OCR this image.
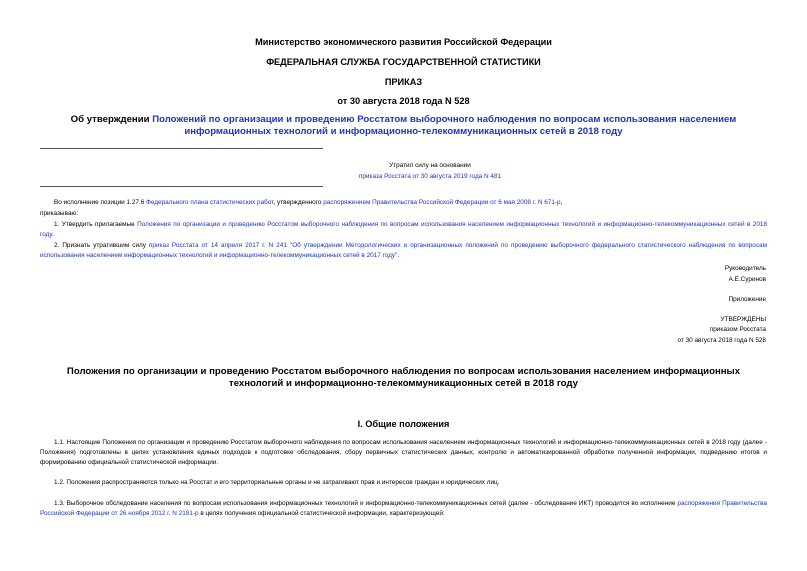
Министерство экономического развития Российской Федерации
ФЕДЕРАЛЬНАЯ СЛУЖБА ГОСУДАРСТВЕННОЙ СТАТИСТИКИ
ПРИКАЗ
от 30 августа 2018 года N 528
Об утверждении Положений по организации и проведению Росстатом выборочного наблюдения по вопросам использования населением информационных технологий и информационно-телекоммуникационных сетей в 2018 году
Утратил силу на основании
приказа Росстата от 30 августа 2019 года N 481
Во исполнение позиции 1.27.6 Федерального плана статистических работ, утвержденного распоряжением Правительства Российской Федерации от 6 мая 2008 г. N 671-р,
приказываю:
1. Утвердить прилагаемые Положения по организации и проведению Росстатом выборочного наблюдения по вопросам использования населением информационных технологий и информационно-телекоммуникационных сетей в 2018 году.
2. Признать утратившим силу приказ Росстата от 14 апреля 2017 г. N 241 "Об утверждении Методологических и организационных положений по проведению выборочного федерального статистического наблюдения по вопросам использования населением информационных технологий и информационно-телекоммуникационных сетей в 2017 году".
Руководитель
А.Е.Суринов
Приложение
УТВЕРЖДЕНЫ
приказом Росстата
от 30 августа 2018 года N 528
Положения по организации и проведению Росстатом выборочного наблюдения по вопросам использования населением информационных технологий и информационно-телекоммуникационных сетей в 2018 году
I. Общие положения
1.1. Настоящие Положения по организации и проведению Росстатом выборочного наблюдения по вопросам использования населением информационных технологий и информационно-телекоммуникационных сетей в 2018 году (далее - Положения) подготовлены в целях установления единых подходов к подготовке обследования, сбору первичных статистических данных, контролю и автоматизированной обработке полученной информации, подведению итогов и формированию официальной статистической информации.
1.2. Положения распространяются только на Росстат и его территориальные органы и не затрагивают прав и интересов граждан и юридических лиц.
1.3. Выборочное обследование населения по вопросам использования информационных технологий и информационно-телекоммуникационных сетей (далее - обследование ИКТ) проводится во исполнение распоряжения Правительства Российской Федерации от 26 ноября 2012 г. N 2191-р в целях получения официальной статистической информации, характеризующей:
